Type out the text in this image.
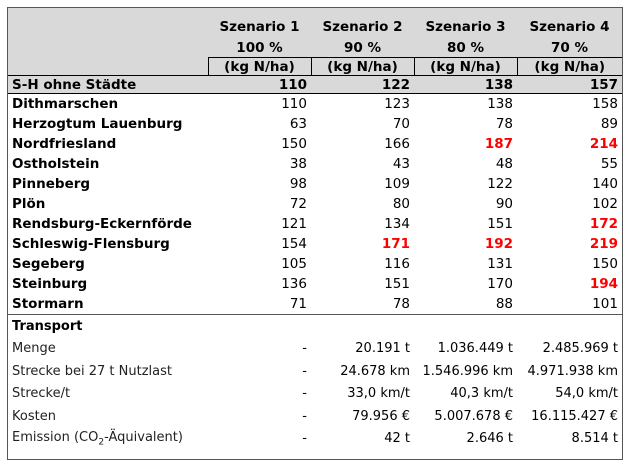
	Szenario 1	Szenario 2	Szenario 3	Szenario 4
	100 %	90 %	80 %	70 %
	(kg N/ha)	(kg N/ha)	(kg N/ha)	(kg N/ha)
S-H ohne Städte	110	122	138	157
Dithmarschen	110	123	138	158
Herzogtum Lauenburg	63	70	78	89
Nordfriesland	150	166	187	214
Ostholstein	38	43	48	55
Pinneberg	98	109	122	140
Plön	72	80	90	102
Rendsburg-Eckernförde	121	134	151	172
Schleswig-Flensburg	154	171	192	219
Segeberg	105	116	131	150
Steinburg	136	151	170	194
Stormarn	71	78	88	101
Transport				
Menge	-	20.191 t	1.036.449 t	2.485.969 t
Strecke bei 27 t Nutzlast	-	24.678 km	1.546.996 km	4.971.938 km
Strecke/t	-	33,0 km/t	40,3 km/t	54,0 km/t
Kosten	-	79.956 €	5.007.678 €	16.115.427 €
Emission $(CO_2-Äquivalent)$	-	42 t	2.646 t	8.514 t
